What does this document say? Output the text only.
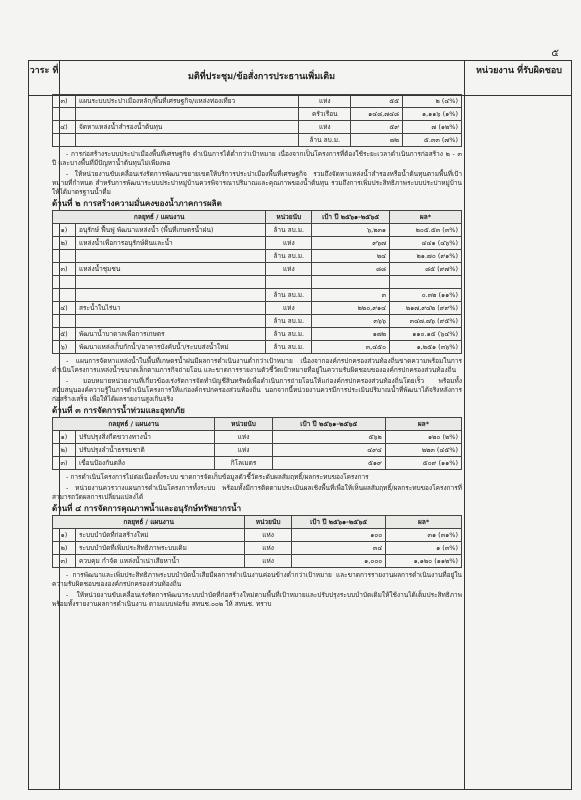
๕
วาระ ที่
มติที่ประชุม/ข้อสั่งการประธานเพิ่มเติม
หน่วยงาน ที่รับผิดชอบ
๓)	แผนระบบประปาเมืองหลัก/พื้นที่เศรษฐกิจ/แหล่งท่องเที่ยว	แห่ง	๕๕	๒ (๔%)
		ครัวเรือน	๑๔๘,๗๔๘	๑,๑๑๖ (๑%)
๔)	จัดหาแหล่งน้ำสำรองน้ำต้นทุน	แห่ง	๕๙	๗ (๑๒%)
		ล้าน ลบ.ม.	๗๒	๕.๓๓ (๗%)

- การก่อสร้างระบบประปาเมืองพื้นที่เศรษฐกิจ ดำเนินการได้ต่ำกว่าเป้าหมาย เนื่องจากเป็นโครงการที่ต้องใช้ระยะเวลาดำเนินการก่อสร้าง ๒ - ๓ ปี และบางพื้นที่มีปัญหาน้ำต้นทุนไม่เพียงพอ

- ให้หน่วยงานขับเคลื่อนเร่งรัดการพัฒนาขยายเขตให้บริการประปาเมืองพื้นที่เศรษฐกิจ รวมถึงจัดหาแหล่งน้ำสำรองหรือน้ำต้นทุนตามพื้นที่เป้าหมายที่กำหนด สำหรับการพัฒนาระบบประปาหมู่บ้านควรพิจารณาปริมาณและคุณภาพของน้ำต้นทุน รวมถึงการเพิ่มประสิทธิภาพระบบประปาหมู่บ้านให้ได้มาตรฐานน้ำดื่ม

ด้านที่ ๒ การสร้างความมั่นคงของน้ำภาคการผลิต
กลยุทธ์ / แผนงาน		หน่วยนับ	เป้า ปี ๒๕๖๑-๒๕๖๕	ผล*
๑)	อนุรักษ์ ฟื้นฟู พัฒนาแหล่งน้ำ (พื้นที่เกษตรน้ำฝน)	ล้าน ลบ.ม.	๖,๒๓๑	๒๐๕.๕๓ (๓%)
๒)	แหล่งน้ำเพื่อการอนุรักษ์ดินและน้ำ	แห่ง	๙๖๗	๔๔๑ (๔๖%)
		ล้าน ลบ.ม.	๒๔	๒๑.๗๐ (๙๑%)
๓)	แหล่งน้ำชุมชน	แห่ง	๘๘	๘๕ (๙๗%)

		ล้าน ลบ.ม.	๓	๐.๓๒ (๑๑%)
๔)	สระน้ำในไร่นา	แห่ง	๒๒๐,๙๑๔	๒๑๗,๙๔๒ (๙๙%)
		ล้าน ลบ.ม.	๓๖๖	๓๔๗.๗๖ (๙๕%)
๕)	พัฒนาน้ำบาดาลเพื่อการเกษตร	ล้าน ลบ.ม.	๑๗๒	๑๑๐.๑๕ (๖๔%)
๖)	พัฒนาแหล่งเก็บกักน้ำ/อาคารบังคับน้ำ/ระบบส่งน้ำใหม่	ล้าน ลบ.ม.	๓,๔๕๐	๑,๒๕๑ (๓๖%)

- แผนการจัดหาแหล่งน้ำในพื้นที่เกษตรน้ำฝนมีผลการดำเนินงานต่ำกว่าเป้าหมาย เนื่องจากองค์กรปกครองส่วนท้องถิ่นขาดความพร้อมในการดำเนินโครงการแหล่งน้ำขนาดเล็กตามภารกิจถ่ายโอน และขาดการรายงานตัวชี้วัดเป้าหมายที่อยู่ในความรับผิดชอบขององค์กรปกครองส่วนท้องถิ่น

- มอบหมายหน่วยงานที่เกี่ยวข้องเร่งรัดการจัดทำบัญชีสินทรัพย์เพื่อดำเนินการถ่ายโอนให้แก่องค์กรปกครองส่วนท้องถิ่นโดยเร็ว พร้อมทั้งสนับสนุนองค์ความรู้ในการดำเนินโครงการให้แก่องค์กรปกครองส่วนท้องถิ่น นอกจากนี้หน่วยงานควรมีการประเมินปริมาณน้ำที่พัฒนาได้จริงหลังการก่อสร้างเสร็จ เพื่อให้ได้ผลรายงานสูงเกินจริง

ด้านที่ ๓ การจัดการน้ำท่วมและอุทกภัย
กลยุทธ์ / แผนงาน		หน่วยนับ	เป้า ปี ๒๕๖๑-๒๕๖๕	ผล*
๑)	ปรับปรุงสิ่งกีดขวางทางน้ำ	แห่ง	๕๖๒	๑๒๐ (๒%)
๒)	ปรับปรุงลำน้ำธรรมชาติ	แห่ง	๔๙๔	๒๒๓ (๔๕%)
๓)	เขื่อนป้องกันตลิ่ง	กิโลเมตร	๕๑๙	๕๐๙ (๑๑%)

- การดำเนินโครงการไม่ต่อเนื่องทั้งระบบ ขาดการจัดเก็บข้อมูลตัวชี้วัดระดับผลสัมฤทธิ์/ผลกระทบของโครงการ

- หน่วยงานควรวางแผนการดำเนินโครงการทั้งระบบ พร้อมทั้งมีการติดตามประเมินผลเชิงพื้นที่เพื่อให้เห็นผลสัมฤทธิ์/ผลกระทบของโครงการที่สามารถวัดผลการเปลี่ยนแปลงได้

ด้านที่ ๔ การจัดการคุณภาพน้ำและอนุรักษ์ทรัพยากรน้ำ
กลยุทธ์ / แผนงาน		หน่วยนับ	เป้า ปี ๒๕๖๑-๒๕๖๕	ผล*
๑)	ระบบบำบัดที่ก่อสร้างใหม่	แห่ง	๑๐๐	๓๑ (๓๑%)
๒)	ระบบบำบัดที่เพิ่มประสิทธิภาพระบบเดิม	แห่ง	๓๔	๑ (๓%)
๓)	ควบคุม กำจัด แหล่งน้ำเน่าเสียหาน้ำ	แห่ง	๑,๐๐๐	๑,๑๒๐ (๑๑๒%)

- การพัฒนาและเพิ่มประสิทธิภาพระบบบำบัดน้ำเสียมีผลการดำเนินงานค่อนข้างต่ำกว่าเป้าหมาย และขาดการรายงานผลการดำเนินงานที่อยู่ในความรับผิดชอบขององค์กรปกครองส่วนท้องถิ่น

- ให้หน่วยงานขับเคลื่อนเร่งรัดการพัฒนาระบบบำบัดที่ก่อสร้างใหม่ตามพื้นที่เป้าหมายและปรับปรุงระบบบำบัดเดิมให้ใช้งานได้เต็มประสิทธิภาพ พร้อมทั้งรายงานผลการดำเนินงาน ตามแบบฟอร์ม สทนช.๐๐๒ ให้ สทนช. ทราบ
